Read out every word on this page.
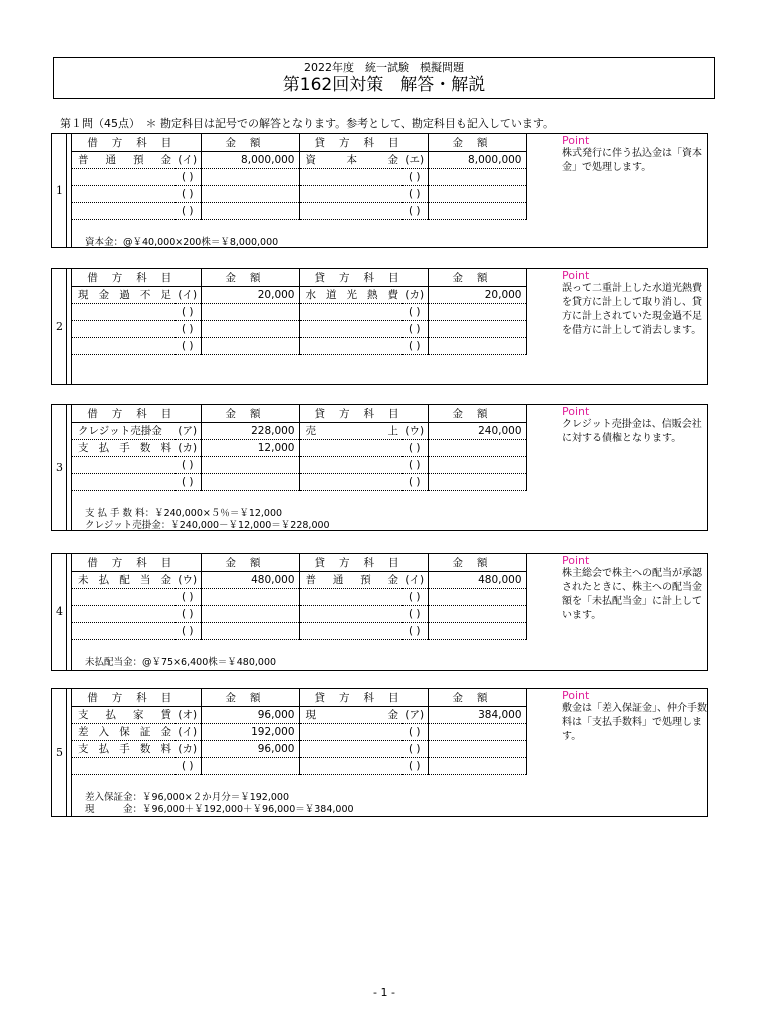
2022年度　統一試験　模擬問題
第162回対策　解答・解説
第１問（45点）　＊ 勘定科目は記号での解答となります。参考として、勘定科目も記入しています。
1
借方科目		金額	貸方科目		金額

普 通 預 金	(イ)	8,000,000	資 本 金	(エ)	8,000,000

	( )			( )	

	( )			( )	

	( )			( )	
資本金：@￥40,000×200株＝￥8,000,000
Point
株式発行に伴う払込金は「資本金」で処理します。
2
借方科目		金額	貸方科目		金額

現 金 過 不 足	(イ)	20,000	水 道 光 熱 費	(カ)	20,000

	( )			( )	

	( )			( )	

	( )			( )	
Point
誤って二重計上した水道光熱費を貸方に計上して取り消し、貸方に計上されていた現金過不足を借方に計上して消去します。
3
借方科目		金額	貸方科目		金額

クレジット売掛金	(ア)	228,000	売 上	(ウ)	240,000

支 払 手 数 料	(カ)	12,000		( )	

	( )			( )	

	( )			( )	
支 払 手 数 料：￥240,000×５％＝￥12,000
クレジット売掛金：￥240,000－￥12,000＝￥228,000
Point
クレジット売掛金は、信販会社に対する債権となります。
4
借方科目		金額	貸方科目		金額

未 払 配 当 金	(ウ)	480,000	普 通 預 金	(イ)	480,000

	( )			( )	

	( )			( )	

	( )			( )	
未払配当金：@￥75×6,400株＝￥480,000
Point
株主総会で株主への配当が承認されたときに、株主への配当金額を「未払配当金」に計上しています。
5
借方科目		金額	貸方科目		金額

支 払 家 賃	(オ)	96,000	現 金	(ア)	384,000

差 入 保 証 金	(イ)	192,000		( )	

支 払 手 数 料	(カ)	96,000		( )	

	( )			( )	
差入保証金：￥96,000×２か月分＝￥192,000
現　　　金：￥96,000＋￥192,000＋￥96,000＝￥384,000
Point
敷金は「差入保証金」、仲介手数料は「支払手数料」で処理します。
- 1 -
